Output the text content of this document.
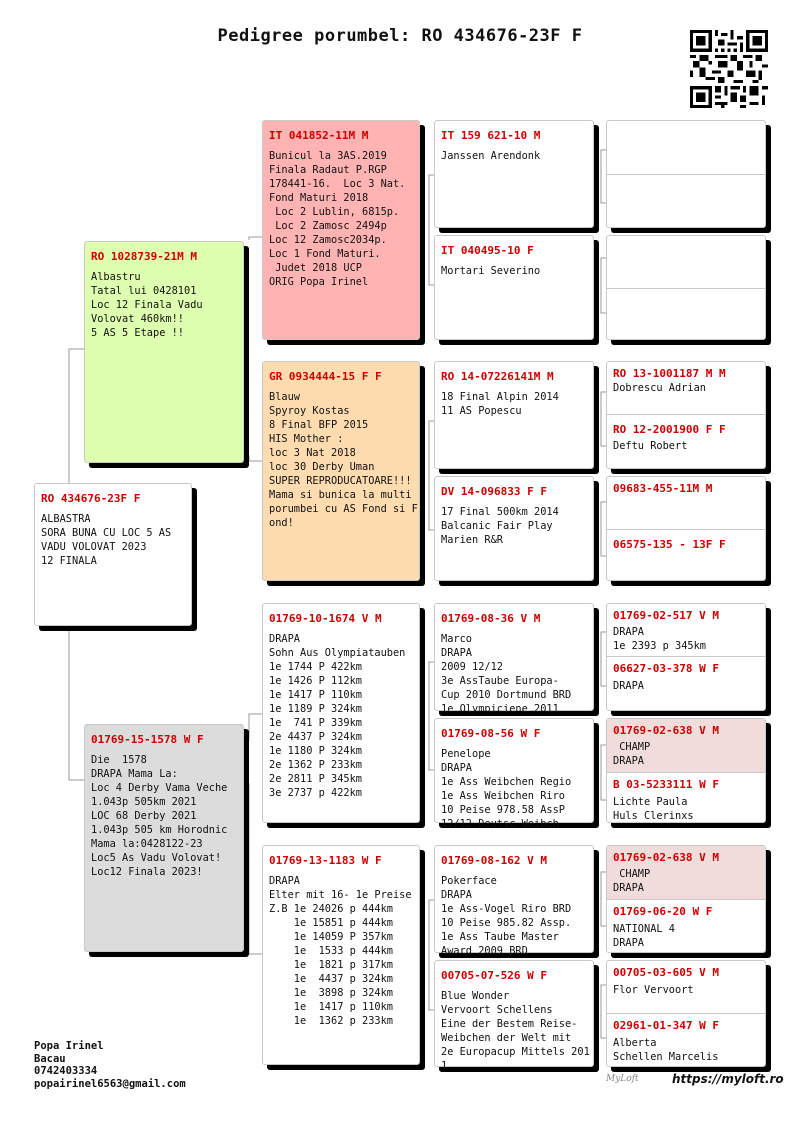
Pedigree porumbel: RO 434676-23F F
RO 434676-23F F
ALBASTRA
SORA BUNA CU LOC 5 AS
VADU VOLOVAT 2023
12 FINALA
RO 1028739-21M M
Albastru
Tatal lui 0428101
Loc 12 Finala Vadu
Volovat 460km!!
5 AS 5 Etape !!
01769-15-1578 W F
Die  1578
DRAPA Mama La:
Loc 4 Derby Vama Veche
1.043p 505km 2021
LOC 68 Derby 2021
1.043p 505 km Horodnic
Mama la:0428122-23
Loc5 As Vadu Volovat!
Loc12 Finala 2023!
IT 041852-11M M
Bunicul la 3AS.2019
Finala Radaut P.RGP
178441-16.  Loc 3 Nat.
Fond Maturi 2018
Loc 2 Lublin, 6815p.
Loc 2 Zamosc 2494p
Loc 12 Zamosc2034p.
Loc 1 Fond Maturi.
Judet 2018 UCP
ORIG Popa Irinel
GR 0934444-15 F F
Blauw
Spyroy Kostas
8 Final BFP 2015
HIS Mother :
loc 3 Nat 2018
loc 30 Derby Uman
SUPER REPRODUCATOARE!!!
Mama si bunica la multi
porumbei cu AS Fond si F
ond!
01769-10-1674 V M
DRAPA
Sohn Aus Olympiatauben
1e 1744 P 422km
1e 1426 P 112km
1e 1417 P 110km
1e 1189 P 324km
1e  741 P 339km
2e 4437 P 324km
1e 1180 P 324km
2e 1362 P 233km
2e 2811 P 345km
3e 2737 p 422km
01769-13-1183 W F
DRAPA
Elter mit 16- 1e Preise
Z.B 1e 24026 p 444km
1e 15851 p 444km
1e 14059 P 357km
1e  1533 p 444km
1e  1821 p 317km
1e  4437 p 324km
1e  3898 p 324km
1e  1417 p 110km
1e  1362 p 233km
IT 159 621-10 M
Janssen Arendonk
IT 040495-10 F
Mortari Severino
RO 14-07226141M M
18 Final Alpin 2014
11 AS Popescu
DV 14-096833 F F
17 Final 500km 2014
Balcanic Fair Play
Marien R&R
01769-08-36 V M
Marco
DRAPA
2009 12/12
3e AssTaube Europa-
Cup 2010 Dortmund BRD
1e Olympiciene 2011
01769-08-56 W F
Penelope
DRAPA
1e Ass Weibchen Regio
1e Ass Weibchen Riro
10 Peise 978.58 AssP
12/12 Deutsc Weibch
01769-08-162 V M
Pokerface
DRAPA
1e Ass-Vogel Riro BRD
10 Peise 985.82 Assp.
1e Ass Taube Master
Award 2009 BRD
00705-07-526 W F
Blue Wonder
Vervoort Schellens
Eine der Bestem Reise-
Weibchen der Welt mit
2e Europacup Mittels 201
1
RO 13-1001187 M M
Dobrescu Adrian
RO 12-2001900 F F
Deftu Robert
09683-455-11M M
06575-135 - 13F F
01769-02-517 V M
DRAPA
1e 2393 p 345km
06627-03-378 W F
DRAPA
01769-02-638 V M
CHAMP
DRAPA
B 03-5233111 W F
Lichte Paula
Huls Clerinxs
01769-02-638 V M
CHAMP
DRAPA
01769-06-20 W F
NATIONAL 4
DRAPA
00705-03-605 V M
Flor Vervoort
02961-01-347 W F
Alberta
Schellen Marcelis
Popa Irinel
Bacau
0742403334
popairinel6563@gmail.com	MyLoft	https://myloft.ro
